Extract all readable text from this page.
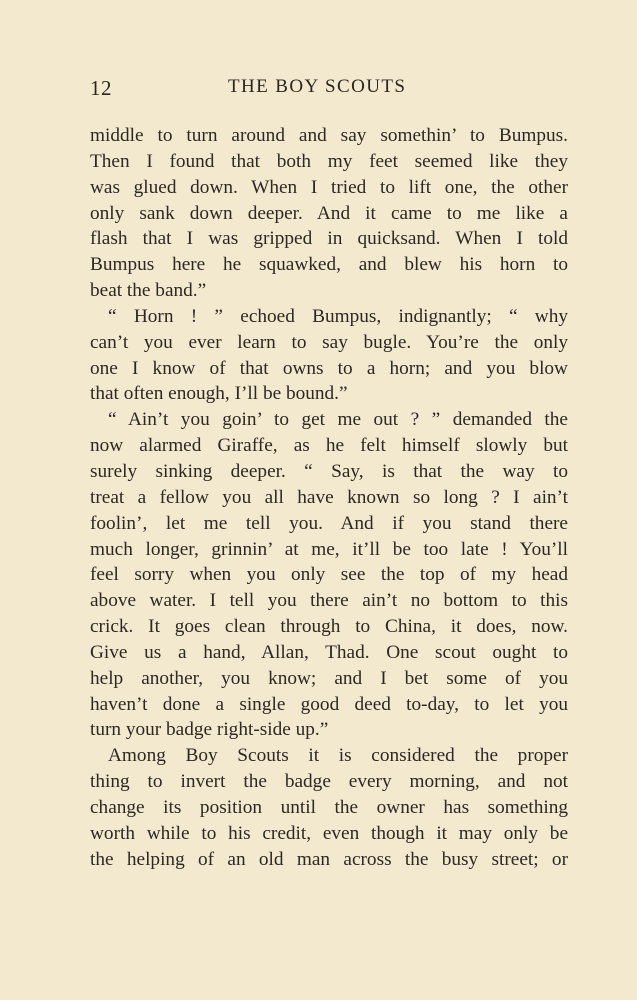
12	THE BOY SCOUTS
middle to turn around and say somethin’ to Bumpus.
Then I found that both my feet seemed like they
was glued down. When I tried to lift one, the other
only sank down deeper. And it came to me like a
flash that I was gripped in quicksand. When I told
Bumpus here he squawked, and blew his horn to
beat the band.”
“ Horn ! ” echoed Bumpus, indignantly; “ why
can’t you ever learn to say bugle. You’re the only
one I know of that owns to a horn; and you blow
that often enough, I’ll be bound.”
“ Ain’t you goin’ to get me out ? ” demanded the
now alarmed Giraffe, as he felt himself slowly but
surely sinking deeper. “ Say, is that the way to
treat a fellow you all have known so long ? I ain’t
foolin’, let me tell you. And if you stand there
much longer, grinnin’ at me, it’ll be too late ! You’ll
feel sorry when you only see the top of my head
above water. I tell you there ain’t no bottom to this
crick. It goes clean through to China, it does, now.
Give us a hand, Allan, Thad. One scout ought to
help another, you know; and I bet some of you
haven’t done a single good deed to-day, to let you
turn your badge right-side up.”
Among Boy Scouts it is considered the proper
thing to invert the badge every morning, and not
change its position until the owner has something
worth while to his credit, even though it may only be
the helping of an old man across the busy street; or
